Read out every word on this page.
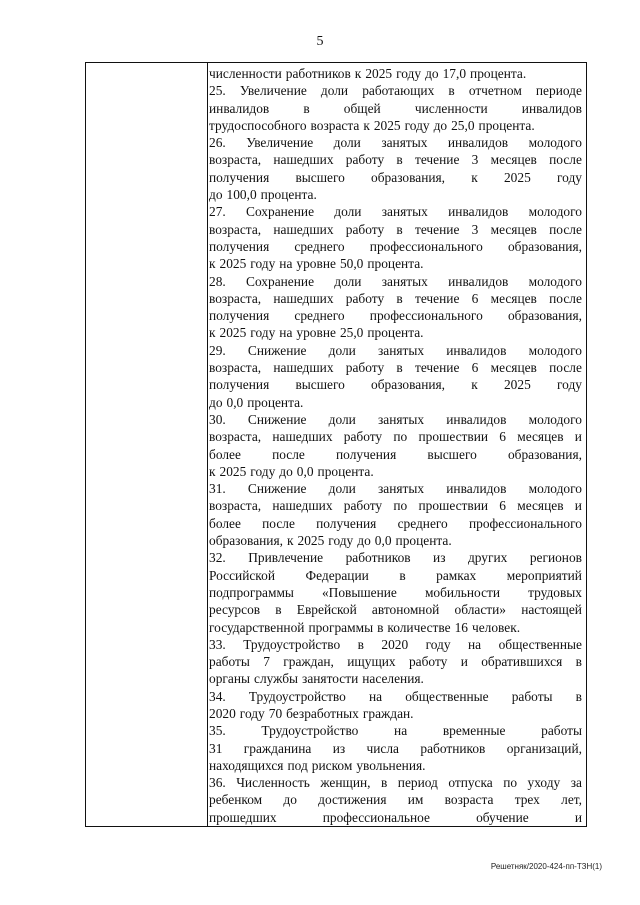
5
численности работников к 2025 году до 17,0 процента.
25. Увеличение доли работающих в отчетном периоде
инвалидов	в	общей	численности	инвалидов
трудоспособного возраста к 2025 году до 25,0 процента.
26. Увеличение доли занятых инвалидов молодого
возраста, нашедших работу в течение 3 месяцев после
получения высшего образования, к 2025 году
до 100,0 процента.
27. Сохранение доли занятых инвалидов молодого
возраста, нашедших работу в течение 3 месяцев после
получения среднего профессионального образования,
к 2025 году на уровне 50,0 процента.
28. Сохранение доли занятых инвалидов молодого
возраста, нашедших работу в течение 6 месяцев после
получения среднего профессионального образования,
к 2025 году на уровне 25,0 процента.
29. Снижение доли занятых инвалидов молодого
возраста, нашедших работу в течение 6 месяцев после
получения высшего образования, к 2025 году
до 0,0 процента.
30. Снижение доли занятых инвалидов молодого
возраста, нашедших работу по прошествии 6 месяцев и
более после получения высшего образования,
к 2025 году до 0,0 процента.
31. Снижение доли занятых инвалидов молодого
возраста, нашедших работу по прошествии 6 месяцев и
более после получения среднего профессионального
образования, к 2025 году до 0,0 процента.
32. Привлечение работников из других регионов
Российской Федерации в рамках мероприятий
подпрограммы «Повышение мобильности трудовых
ресурсов в Еврейской автономной области» настоящей
государственной программы в количестве 16 человек.
33. Трудоустройство в 2020 году на общественные
работы 7 граждан, ищущих работу и обратившихся в
органы службы занятости населения.
34. Трудоустройство на общественные работы в
2020 году 70 безработных граждан.
35.	Трудоустройство	на	временные	работы
31 гражданина из числа работников организаций,
находящихся под риском увольнения.
36. Численность женщин, в период отпуска по уходу за
ребенком до достижения им возраста трех лет,
прошедших	профессиональное	обучение	и
Решетняк/2020-424-пп-ТЗН(1)
